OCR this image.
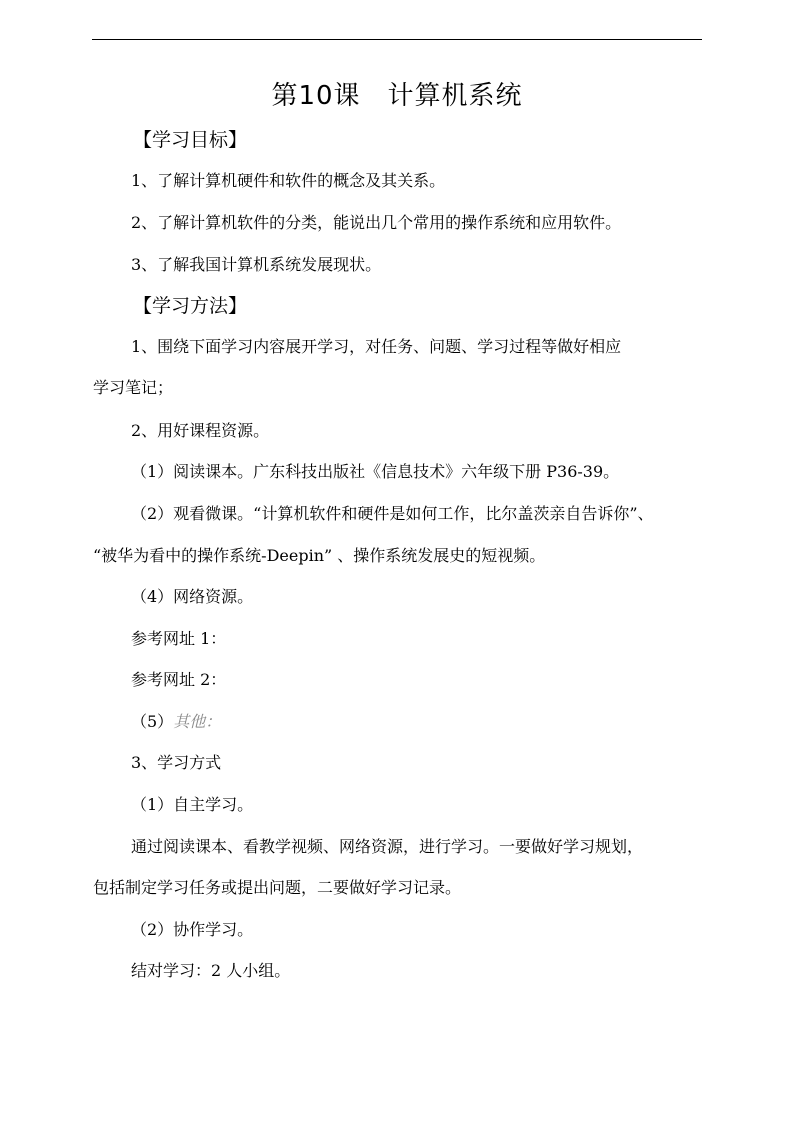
第10课　计算机系统
【学习目标】
1、了解计算机硬件和软件的概念及其关系。
2、了解计算机软件的分类，能说出几个常用的操作系统和应用软件。
3、了解我国计算机系统发展现状。
【学习方法】
1、围绕下面学习内容展开学习，对任务、问题、学习过程等做好相应
学习笔记；
2、用好课程资源。
（1）阅读课本。广东科技出版社《信息技术》六年级下册 P36-39。
（2）观看微课。“计算机软件和硬件是如何工作，比尔盖茨亲自告诉你”、
“被华为看中的操作系统-Deepin” 、操作系统发展史的短视频。
（4）网络资源。
参考网址 1：
参考网址 2：
（5）其他：
3、学习方式
（1）自主学习。
通过阅读课本、看教学视频、网络资源，进行学习。一要做好学习规划，
包括制定学习任务或提出问题，二要做好学习记录。
（2）协作学习。
结对学习：2 人小组。
